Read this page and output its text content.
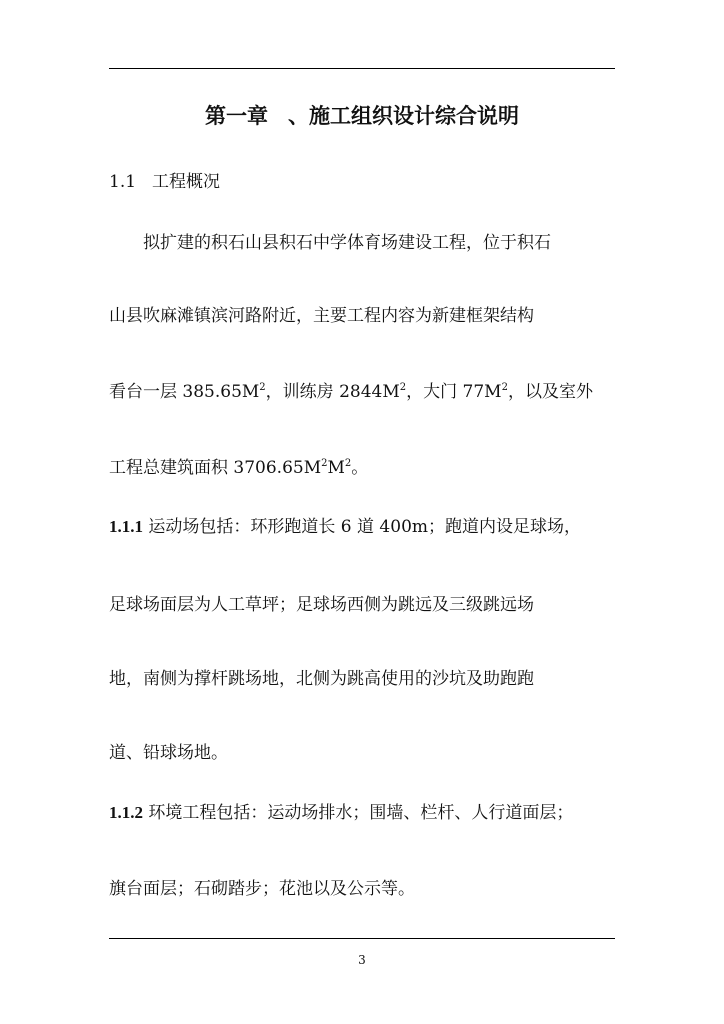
第一章 、施工组织设计综合说明
1.1 工程概况
拟扩建的积石山县积石中学体育场建设工程，位于积石
山县吹麻滩镇滨河路附近，主要工程内容为新建框架结构
看台一层 $385.65M^2$，训练房 $2844M^2$，大门 $77M^2$，以及室外
工程总建筑面积 $3706.65M^2M^2$。
1.1.1 运动场包括：环形跑道长 6 道 400m；跑道内设足球场，
足球场面层为人工草坪；足球场西侧为跳远及三级跳远场
地，南侧为撑杆跳场地，北侧为跳高使用的沙坑及助跑跑
道、铅球场地。
1.1.2 环境工程包括：运动场排水；围墙、栏杆、人行道面层；
旗台面层；石砌踏步；花池以及公示等。
3
